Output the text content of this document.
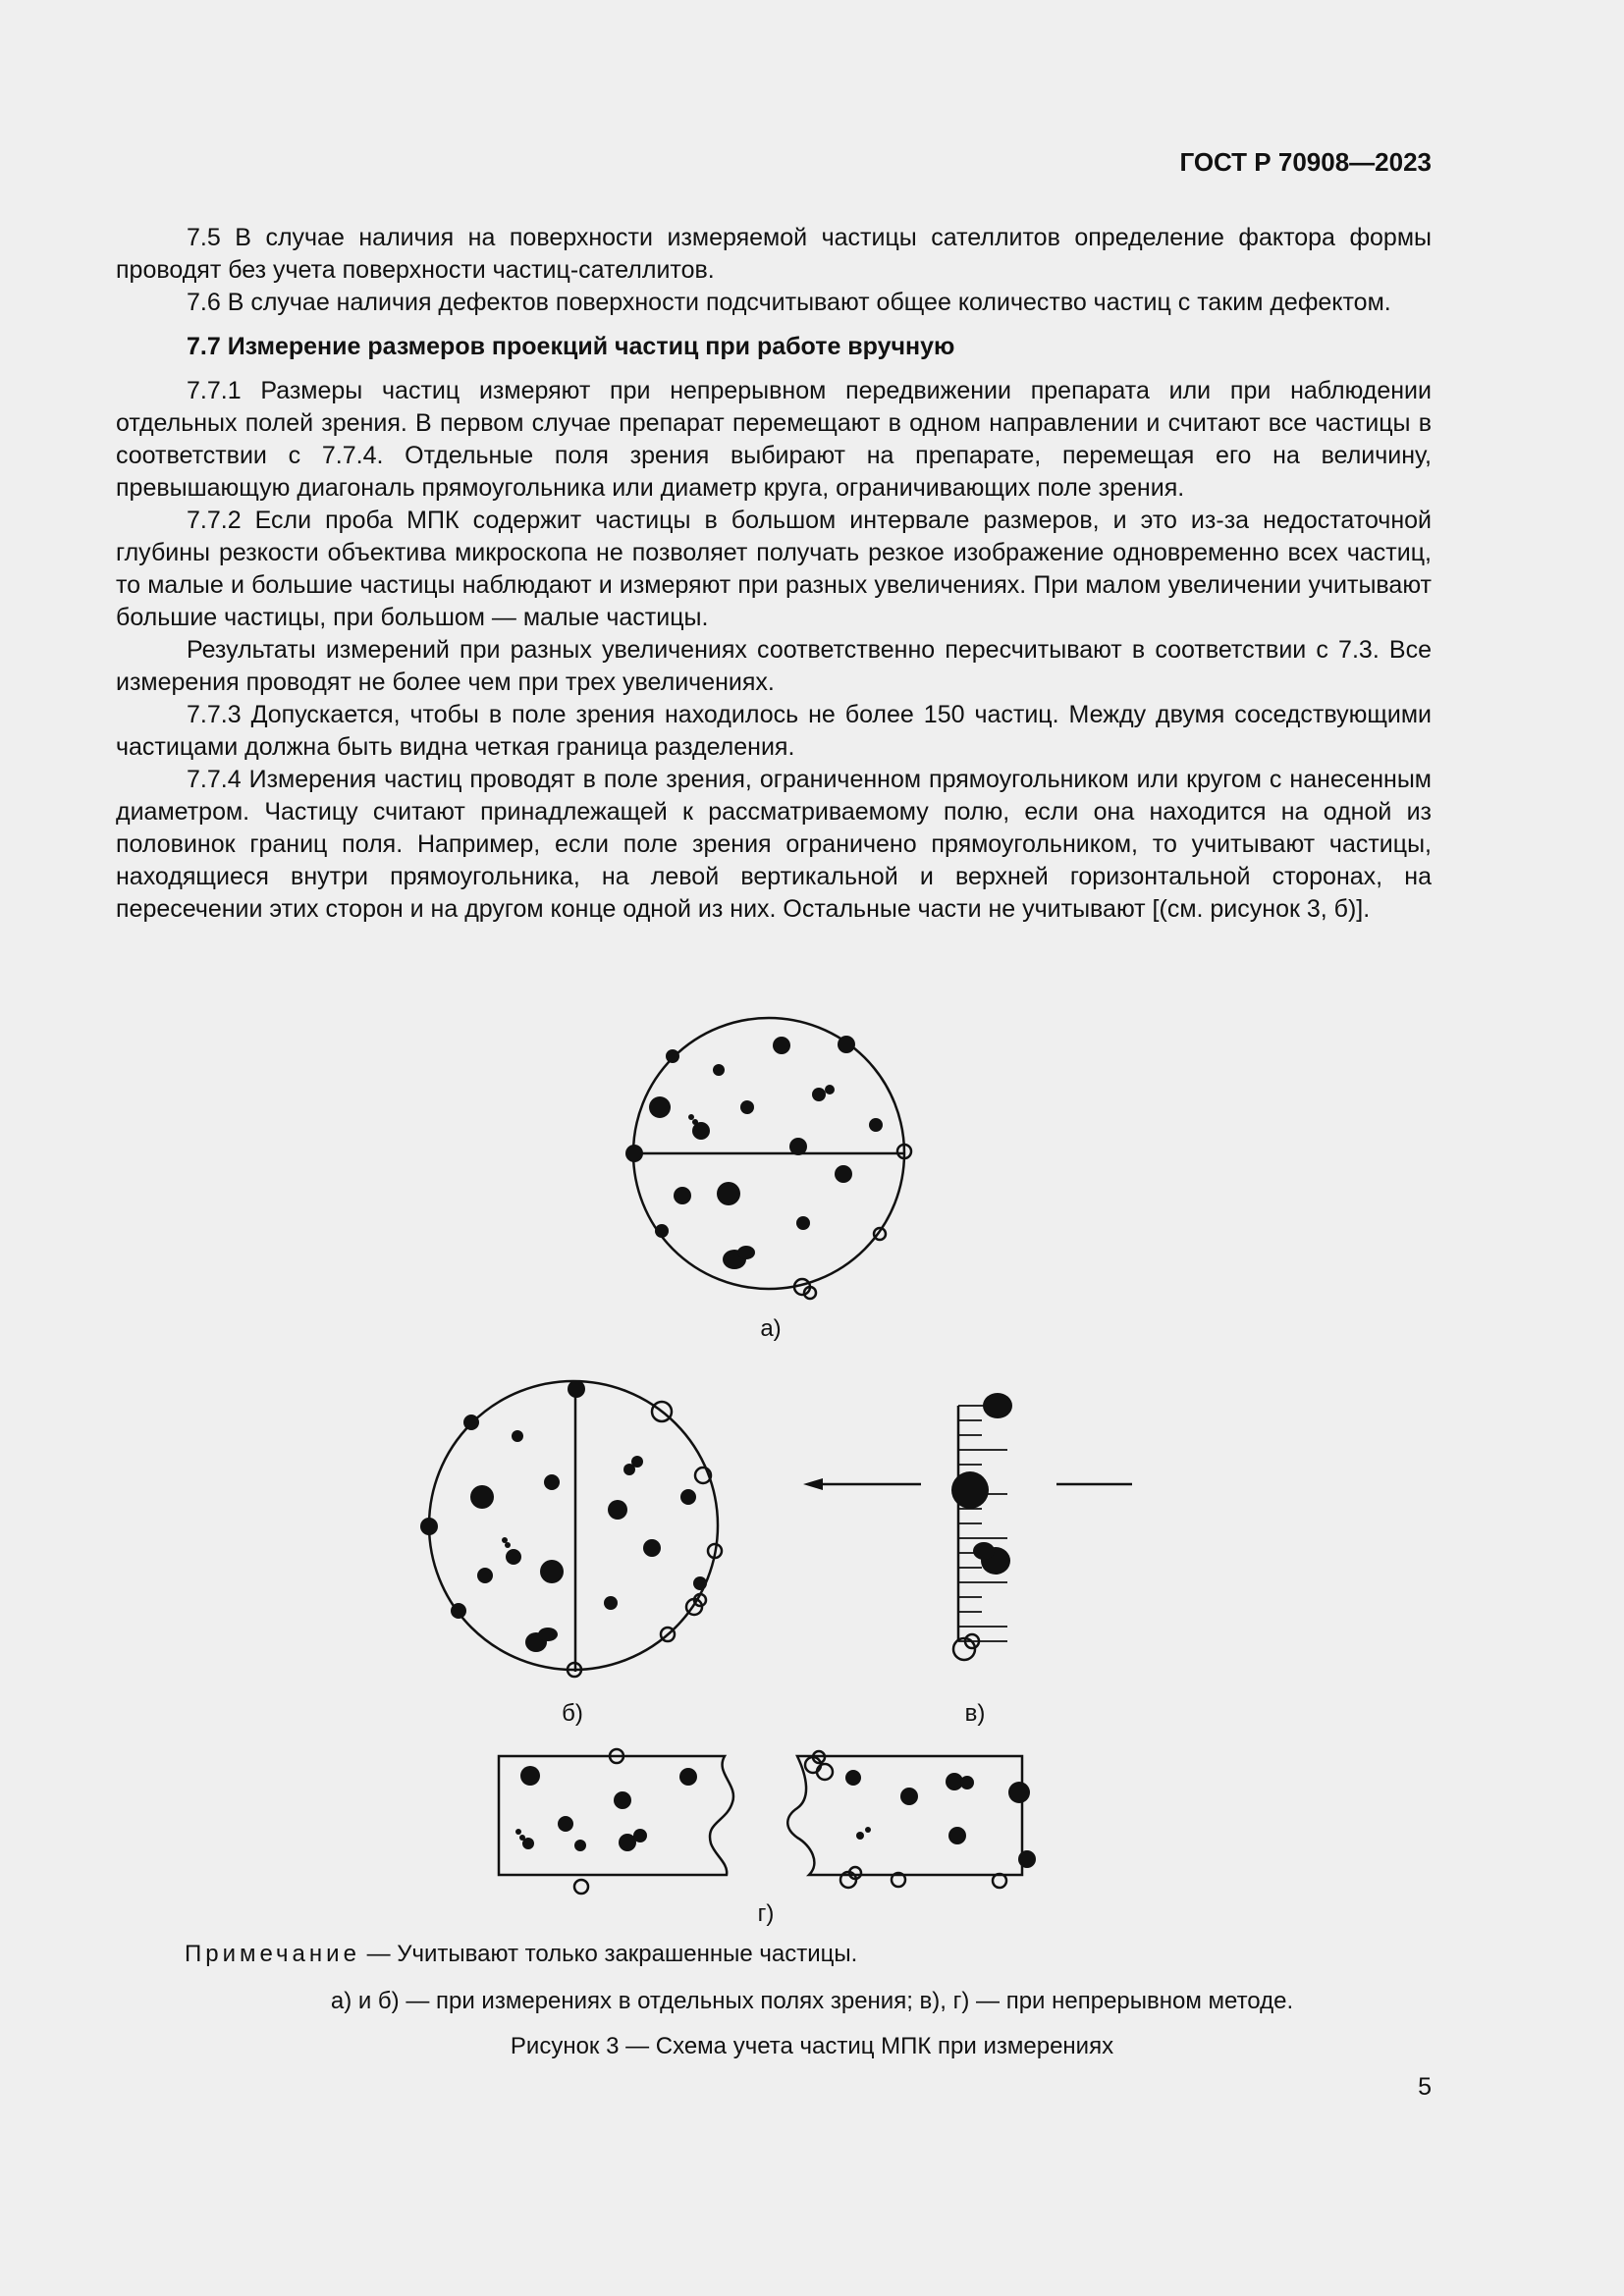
ГОСТ Р 70908—2023

7.5 В случае наличия на поверхности измеряемой частицы сателлитов определение фактора формы проводят без учета поверхности частиц-сателлитов.

7.6 В случае наличия дефектов поверхности подсчитывают общее количество частиц с таким дефектом.

7.7 Измерение размеров проекций частиц при работе вручную

7.7.1 Размеры частиц измеряют при непрерывном передвижении препарата или при наблюдении отдельных полей зрения. В первом случае препарат перемещают в одном направлении и считают все частицы в соответствии с 7.7.4. Отдельные поля зрения выбирают на препарате, перемещая его на величину, превышающую диагональ прямоугольника или диаметр круга, ограничивающих поле зрения.

7.7.2 Если проба МПК содержит частицы в большом интервале размеров, и это из-за недостаточной глубины резкости объектива микроскопа не позволяет получать резкое изображение одновременно всех частиц, то малые и большие частицы наблюдают и измеряют при разных увеличениях. При малом увеличении учитывают большие частицы, при большом — малые частицы.

Результаты измерений при разных увеличениях соответственно пересчитывают в соответствии с 7.3. Все измерения проводят не более чем при трех увеличениях.

7.7.3 Допускается, чтобы в поле зрения находилось не более 150 частиц. Между двумя соседствующими частицами должна быть видна четкая граница разделения.

7.7.4 Измерения частиц проводят в поле зрения, ограниченном прямоугольником или кругом с нанесенным диаметром. Частицу считают принадлежащей к рассматриваемому полю, если она находится на одной из половинок границ поля. Например, если поле зрения ограничено прямоугольником, то учитывают частицы, находящиеся внутри прямоугольника, на левой вертикальной и верхней горизонтальной сторонах, на пересечении этих сторон и на другом конце одной из них. Остальные части не учитывают [(см. рисунок 3, б)].

а)
б)	в)
г)
Примечание — Учитывают только закрашенные частицы.
а) и б) — при измерениях в отдельных полях зрения; в), г) — при непрерывном методе.
Рисунок 3 — Схема учета частиц МПК при измерениях
5
